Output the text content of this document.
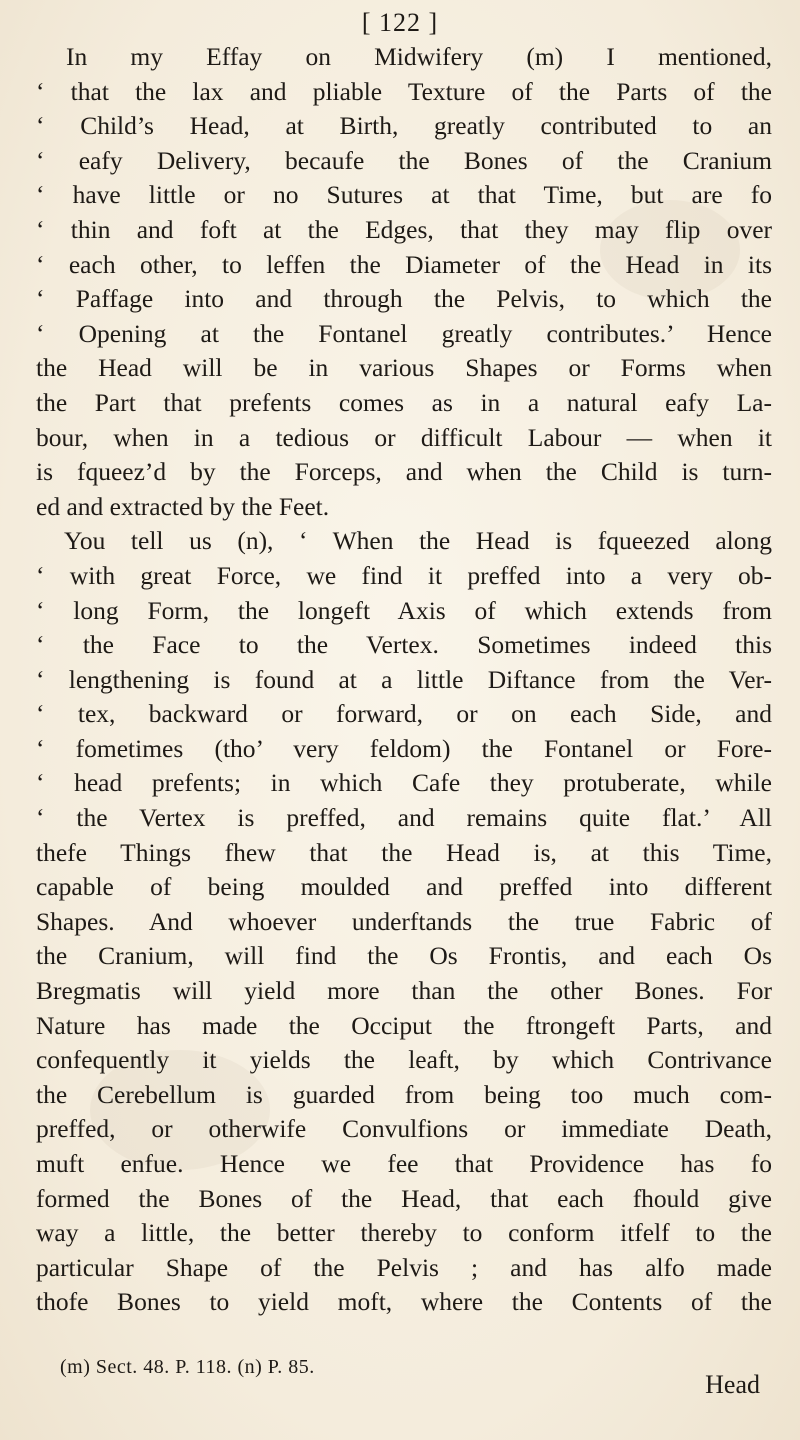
[ 122 ]
In my Effay on Midwifery (m) I mentioned,
‘ that the lax and pliable Texture of the Parts of the
‘ Child’s Head, at Birth, greatly contributed to an
‘ eafy Delivery, becaufe the Bones of the Cranium
‘ have little or no Sutures at that Time, but are fo
‘ thin and foft at the Edges, that they may flip over
‘ each other, to leffen the Diameter of the Head in its
‘ Paffage into and through the Pelvis, to which the
‘ Opening at the Fontanel greatly contributes.’ Hence
the Head will be in various Shapes or Forms when
the Part that prefents comes as in a natural eafy La-
bour, when in a tedious or difficult Labour — when it
is fqueez’d by the Forceps, and when the Child is turn-
ed and extracted by the Feet.
You tell us (n), ‘ When the Head is fqueezed along
‘ with great Force, we find it preffed into a very ob-
‘ long Form, the longeft Axis of which extends from
‘ the Face to the Vertex. Sometimes indeed this
‘ lengthening is found at a little Diftance from the Ver-
‘ tex, backward or forward, or on each Side, and
‘ fometimes (tho’ very feldom) the Fontanel or Fore-
‘ head prefents; in which Cafe they protuberate, while
‘ the Vertex is preffed, and remains quite flat.’ All
thefe Things fhew that the Head is, at this Time,
capable of being moulded and preffed into different
Shapes. And whoever underftands the true Fabric of
the Cranium, will find the Os Frontis, and each Os
Bregmatis will yield more than the other Bones. For
Nature has made the Occiput the ftrongeft Parts, and
confequently it yields the leaft, by which Contrivance
the Cerebellum is guarded from being too much com-
preffed, or otherwife Convulfions or immediate Death,
muft enfue. Hence we fee that Providence has fo
formed the Bones of the Head, that each fhould give
way a little, the better thereby to conform itfelf to the
particular Shape of the Pelvis ; and has alfo made
thofe Bones to yield moft, where the Contents of the
(m) Sect. 48. P. 118. (n) P. 85.
Head
